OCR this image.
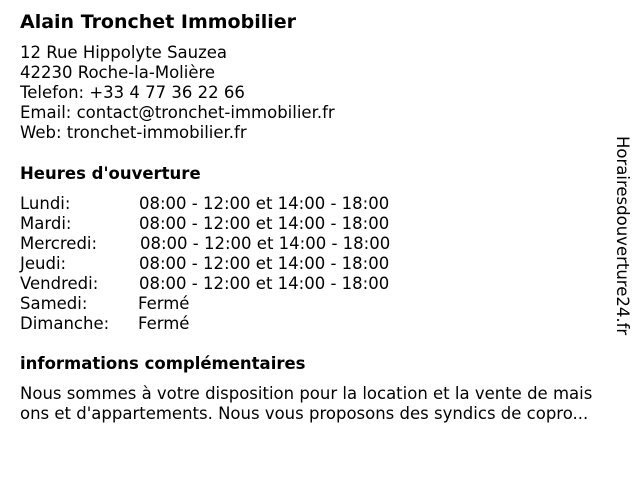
Alain Tronchet Immobilier
12 Rue Hippolyte Sauzea
42230 Roche-la-Molière
Telefon: +33 4 77 36 22 66
Email: contact@tronchet-immobilier.fr
Web: tronchet-immobilier.fr
Heures d'ouverture
Lundi:	08:00 - 12:00 et 14:00 - 18:00
Mardi:	08:00 - 12:00 et 14:00 - 18:00
Mercredi:	08:00 - 12:00 et 14:00 - 18:00
Jeudi:	08:00 - 12:00 et 14:00 - 18:00
Vendredi: 08:00 - 12:00 et 14:00 - 18:00
Samedi:	Fermé
Dimanche: Fermé
informations complémentaires
Nous sommes à votre disposition pour la location et la vente de mais
ons et d'appartements. Nous vous proposons des syndics de copro...
Horairesdouverture24.fr
